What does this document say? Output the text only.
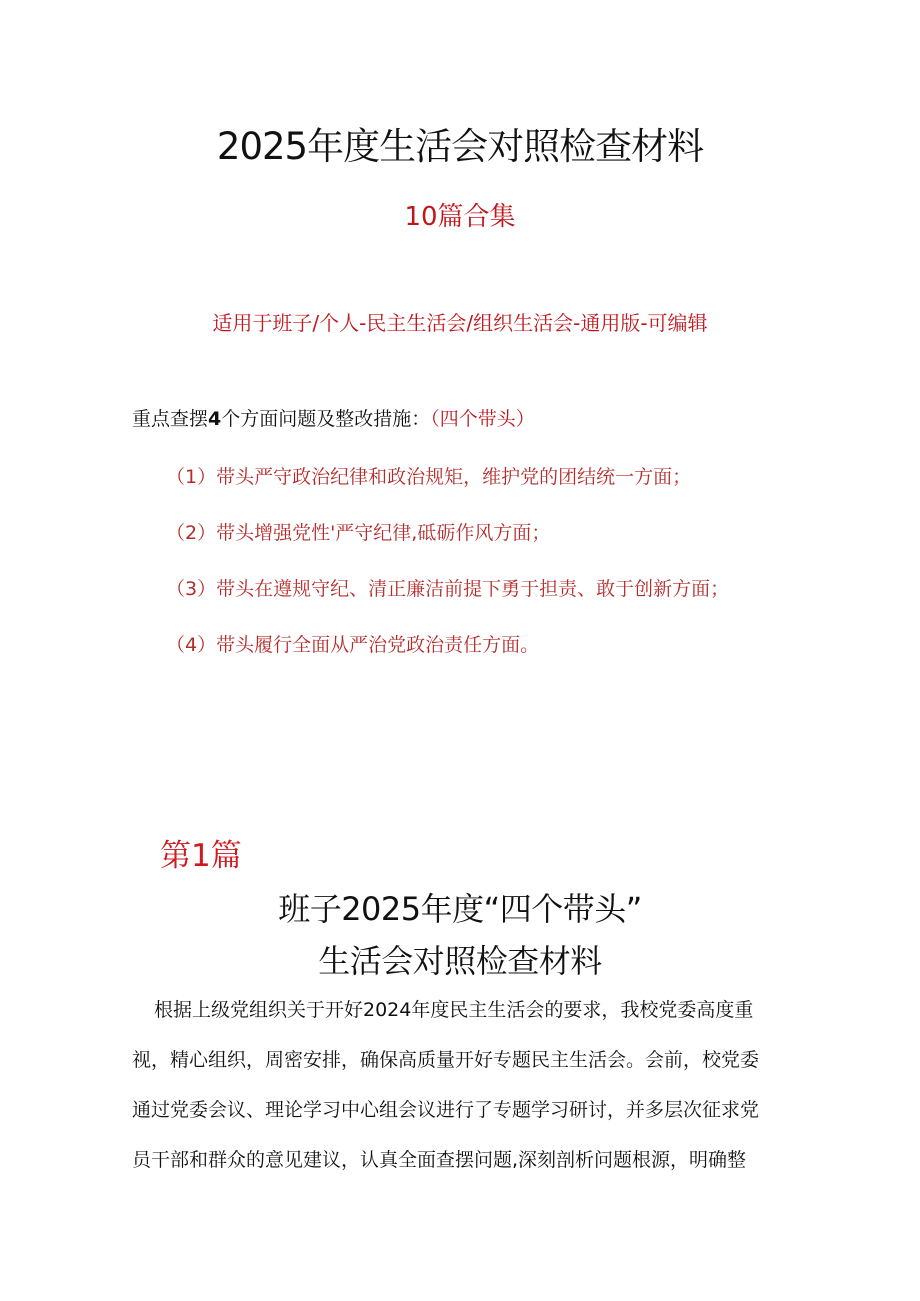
2025年度生活会对照检查材料
10篇合集
适用于班子/个人-民主生活会/组织生活会-通用版-可编辑
重点查摆4个方面问题及整改措施：（四个带头）
（1）带头严守政治纪律和政治规矩，维护党的团结统一方面；
（2）带头增强党性'严守纪律,砥砺作风方面；
（3）带头在遵规守纪、清正廉洁前提下勇于担责、敢于创新方面；
（4）带头履行全面从严治党政治责任方面。
第1篇
班子2025年度“四个带头”
生活会对照检查材料
根据上级党组织关于开好2024年度民主生活会的要求，我校党委高度重
视，精心组织，周密安排，确保高质量开好专题民主生活会。会前，校党委
通过党委会议、理论学习中心组会议进行了专题学习研讨，并多层次征求党
员干部和群众的意见建议，认真全面查摆问题,深刻剖析问题根源，明确整
